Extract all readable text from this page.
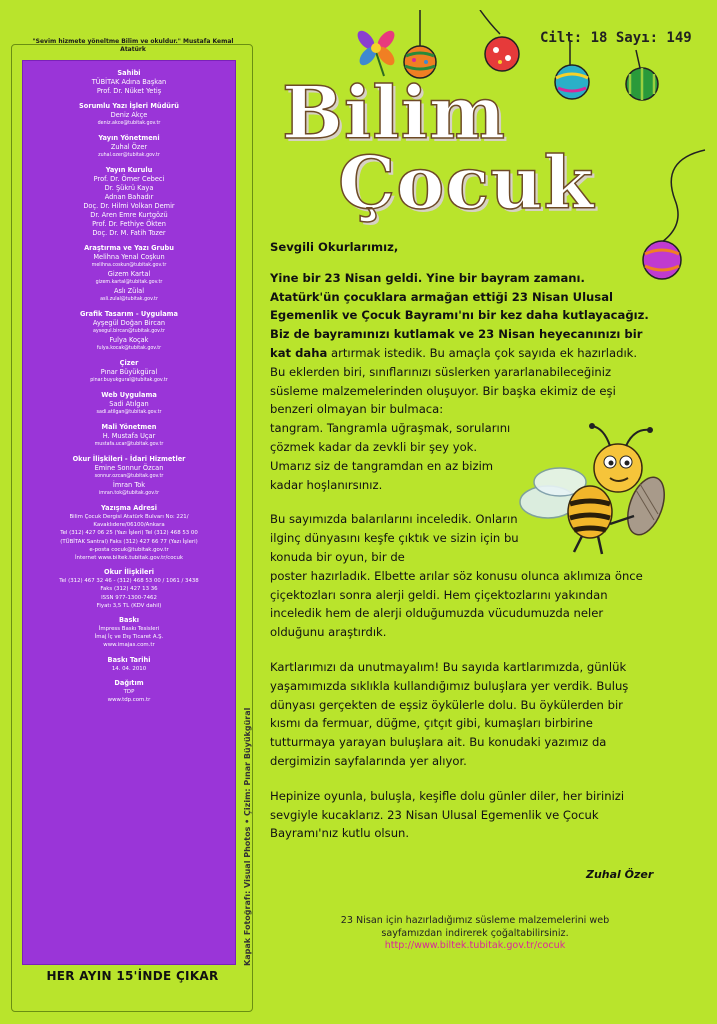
Cilt: 18 Sayı: 149
Bilim
Çocuk
"Sevim hizmete yöneltme Bilim ve okuldur." Mustafa Kemal Atatürk
Sahibi
TÜBİTAK Adına Başkan
Prof. Dr. Nüket Yetiş
Sorumlu Yazı İşleri Müdürü
Deniz Akçe
deniz.akce@tubitak.gov.tr
Yayın Yönetmeni
Zuhal Özer
zuhal.ozer@tubitak.gov.tr
Yayın Kurulu
Prof. Dr. Ömer Cebeci
Dr. Şükrü Kaya
Adnan Bahadır
Doç. Dr. Hilmi Volkan Demir
Dr. Aren Emre Kurtgözü
Prof. Dr. Fethiye Ökten
Doç. Dr. M. Fatih Tozer
Araştırma ve Yazı Grubu
Melihna Yenal Coşkun
melihna.coskun@tubitak.gov.tr
Gizem Kartal
gizem.kartal@tubitak.gov.tr
Aslı Zülal
asli.zulal@tubitak.gov.tr
Grafik Tasarım - Uygulama
Ayşegül Doğan Bircan
aysegul.bircan@tubitak.gov.tr
Fulya Koçak
fulya.kocak@tubitak.gov.tr
Çizer
Pınar Büyükgüral
pinar.buyukgural@tubitak.gov.tr
Web Uygulama
Sadi Atılgan
sadi.atilgan@tubitak.gov.tr
Mali Yönetmen
H. Mustafa Uçar
mustafa.ucar@tubitak.gov.tr
Okur İlişkileri - İdari Hizmetler
Emine Sonnur Özcan
sonnur.ozcan@tubitak.gov.tr
İmran Tok
imran.tok@tubitak.gov.tr
Yazışma Adresi
Bilim Çocuk Dergisi Atatürk Bulvarı No: 221/
Kavaklıdere/06100/Ankara
Tel (312) 427 06 25 (Yazı İşleri) Tel (312) 468 53 00
(TÜBİTAK Santral) Faks (312) 427 66 77 (Yazı İşleri)
e-posta cocuk@tubitak.gov.tr
İnternet www.biltek.tubitak.gov.tr/cocuk
Okur İlişkileri
Tel (312) 467 32 46 - (312) 468 53 00 / 1061 / 3438
Faks (312) 427 13 36
ISSN 977-1300-7462
Fiyatı 3,5 TL (KDV dahil)
Baskı
İmpress Baskı Tesisleri
İmaj İç ve Dış Ticaret A.Ş.
www.imajas.com.tr
Baskı Tarihi
14. 04. 2010
Dağıtım
TDP
www.tdp.com.tr
Kapak Fotoğrafı: Visual Photos • Çizim: Pınar Büyükgüral
HER AYIN 15'İNDE ÇIKAR

Sevgili Okurlarımız,

Yine bir 23 Nisan geldi. Yine bir bayram zamanı. Atatürk'ün çocuklara armağan ettiği 23 Nisan Ulusal Egemenlik ve Çocuk Bayramı'nı bir kez daha kutlayacağız. Biz de bayramınızı kutlamak ve 23 Nisan heyecanınızı bir kat daha artırmak istedik. Bu amaçla çok sayıda ek hazırladık. Bu eklerden biri, sınıflarınızı süslerken yararlanabileceğiniz süsleme malzemelerinden oluşuyor. Bir başka ekimiz de eşi benzeri olmayan bir bulmaca:
tangram. Tangramla uğraşmak, sorularını çözmek kadar da zevkli bir şey yok. Umarız siz de tangramdan en az bizim kadar hoşlanırsınız.

Bu sayımızda balarılarını inceledik. Onların ilginç dünyasını keşfe çıktık ve sizin için bu konuda bir oyun, bir de
poster hazırladık. Elbette arılar söz konusu olunca aklımıza önce çiçektozları sonra alerji geldi. Hem çiçektozlarını yakından inceledik hem de alerji olduğumuzda vücudumuzda neler olduğunu araştırdık.

Kartlarımızı da unutmayalım! Bu sayıda kartlarımızda, günlük yaşamımızda sıklıkla kullandığımız buluşlara yer verdik. Buluş dünyası gerçekten de eşsiz öykülerle dolu. Bu öykülerden bir kısmı da fermuar, düğme, çıtçıt gibi, kumaşları birbirine tutturmaya yarayan buluşlara ait. Bu konudaki yazımız da dergimizin sayfalarında yer alıyor.

Hepinize oyunla, buluşla, keşifle dolu günler diler, her birinizi sevgiyle kucaklarız. 23 Nisan Ulusal Egemenlik ve Çocuk Bayramı'nız kutlu olsun.

Zuhal Özer
23 Nisan için hazırladığımız süsleme malzemelerini web
sayfamızdan indirerek çoğaltabilirsiniz.
http://www.biltek.tubitak.gov.tr/cocuk
